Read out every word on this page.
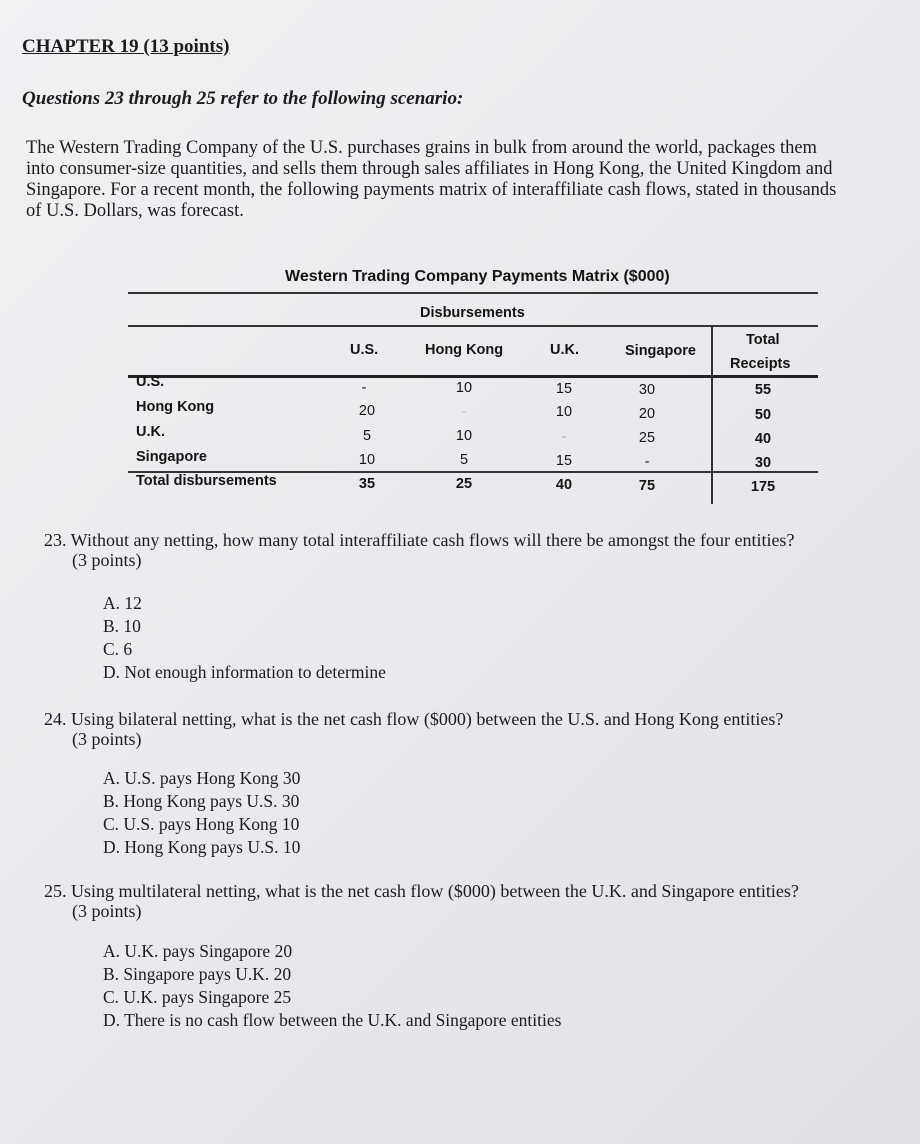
CHAPTER 19 (13 points)
Questions 23 through 25 refer to the following scenario:
The Western Trading Company of the U.S. purchases grains in bulk from around the world, packages them
into consumer-size quantities, and sells them through sales affiliates in Hong Kong, the United Kingdom and
Singapore. For a recent month, the following payments matrix of interaffiliate cash flows, stated in thousands
of U.S. Dollars, was forecast.
Western Trading Company Payments Matrix ($000)
Disbursements
U.S.	Hong Kong	U.K.	Singapore
Total
Receipts
U.S.	-	10	15	30	55
Hong Kong	20	-	10	20	50
U.K.	5	10	-	25	40
Singapore	10	5	15	-	30
Total disbursements	35	25	40	75	175
23. Without any netting, how many total interaffiliate cash flows will there be amongst the four entities?
(3 points)
A. 12
B. 10
C. 6
D. Not enough information to determine
24. Using bilateral netting, what is the net cash flow ($000) between the U.S. and Hong Kong entities?
(3 points)
A. U.S. pays Hong Kong 30
B. Hong Kong pays U.S. 30
C. U.S. pays Hong Kong 10
D. Hong Kong pays U.S. 10
25. Using multilateral netting, what is the net cash flow ($000) between the U.K. and Singapore entities?
(3 points)
A. U.K. pays Singapore 20
B. Singapore pays U.K. 20
C. U.K. pays Singapore 25
D. There is no cash flow between the U.K. and Singapore entities
